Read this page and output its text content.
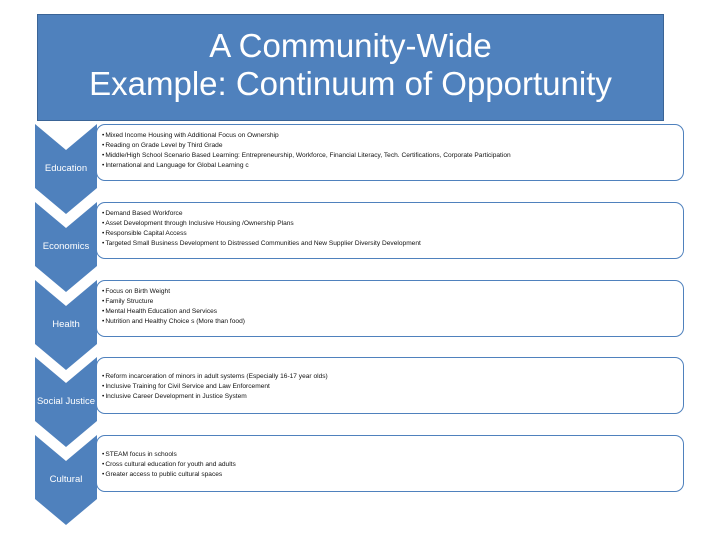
A Community-Wide
Example: Continuum of Opportunity
Education
• Mixed Income Housing with Additional Focus on Ownership
• Reading on Grade Level by Third Grade
• Middle/High School Scenario Based Learning: Entrepreneurship, Workforce, Financial Literacy, Tech. Certifications, Corporate Participation
• International and Language for Global Learning c
Economics
• Demand Based Workforce
• Asset Development through Inclusive Housing /Ownership Plans
• Responsible Capital Access
• Targeted Small Business Development to Distressed Communities and New Supplier Diversity Development
Health
• Focus on Birth Weight
• Family Structure
• Mental Health Education and Services
• Nutrition and Healthy Choice s (More than food)
Social Justice
• Reform incarceration of minors in adult systems (Especially 16-17 year olds)
• Inclusive Training for Civil Service and Law Enforcement
• Inclusive Career Development in Justice System
Cultural
• STEAM focus in schools
• Cross cultural education for youth and adults
• Greater access to public cultural spaces
